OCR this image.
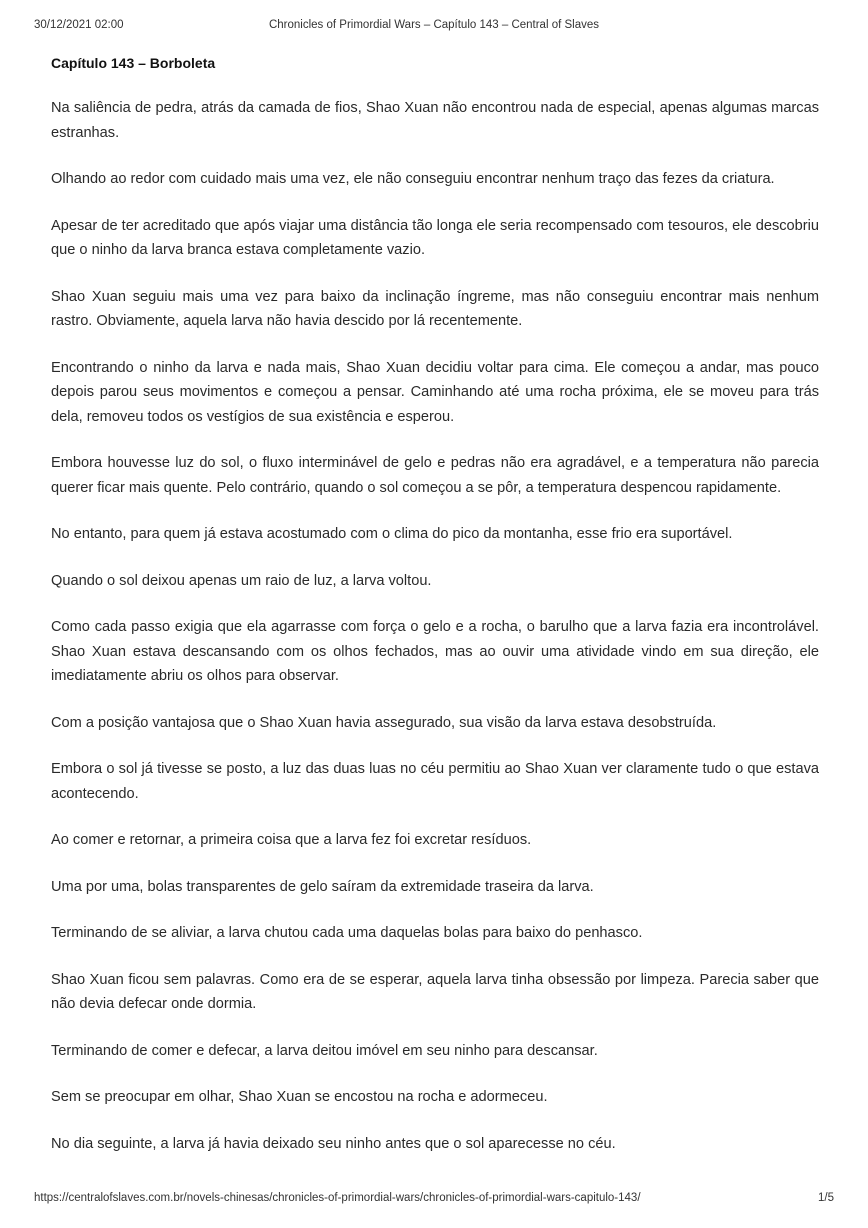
30/12/2021 02:00	Chronicles of Primordial Wars – Capítulo 143 – Central of Slaves
Capítulo 143 – Borboleta

Na saliência de pedra, atrás da camada de fios, Shao Xuan não encontrou nada de especial, apenas algumas marcas estranhas.

Olhando ao redor com cuidado mais uma vez, ele não conseguiu encontrar nenhum traço das fezes da criatura.

Apesar de ter acreditado que após viajar uma distância tão longa ele seria recompensado com tesouros, ele descobriu que o ninho da larva branca estava completamente vazio.

Shao Xuan seguiu mais uma vez para baixo da inclinação íngreme, mas não conseguiu encontrar mais nenhum rastro. Obviamente, aquela larva não havia descido por lá recentemente.

Encontrando o ninho da larva e nada mais, Shao Xuan decidiu voltar para cima. Ele começou a andar, mas pouco depois parou seus movimentos e começou a pensar. Caminhando até uma rocha próxima, ele se moveu para trás dela, removeu todos os vestígios de sua existência e esperou.

Embora houvesse luz do sol, o fluxo interminável de gelo e pedras não era agradável, e a temperatura não parecia querer ficar mais quente. Pelo contrário, quando o sol começou a se pôr, a temperatura despencou rapidamente.

No entanto, para quem já estava acostumado com o clima do pico da montanha, esse frio era suportável.

Quando o sol deixou apenas um raio de luz, a larva voltou.

Como cada passo exigia que ela agarrasse com força o gelo e a rocha, o barulho que a larva fazia era incontrolável. Shao Xuan estava descansando com os olhos fechados, mas ao ouvir uma atividade vindo em sua direção, ele imediatamente abriu os olhos para observar.

Com a posição vantajosa que o Shao Xuan havia assegurado, sua visão da larva estava desobstruída.

Embora o sol já tivesse se posto, a luz das duas luas no céu permitiu ao Shao Xuan ver claramente tudo o que estava acontecendo.

Ao comer e retornar, a primeira coisa que a larva fez foi excretar resíduos.

Uma por uma, bolas transparentes de gelo saíram da extremidade traseira da larva.

Terminando de se aliviar, a larva chutou cada uma daquelas bolas para baixo do penhasco.

Shao Xuan ficou sem palavras. Como era de se esperar, aquela larva tinha obsessão por limpeza. Parecia saber que não devia defecar onde dormia.

Terminando de comer e defecar, a larva deitou imóvel em seu ninho para descansar.

Sem se preocupar em olhar, Shao Xuan se encostou na rocha e adormeceu.

No dia seguinte, a larva já havia deixado seu ninho antes que o sol aparecesse no céu.

https://centralofslaves.com.br/novels-chinesas/chronicles-of-primordial-wars/chronicles-of-primordial-wars-capitulo-143/	1/5
